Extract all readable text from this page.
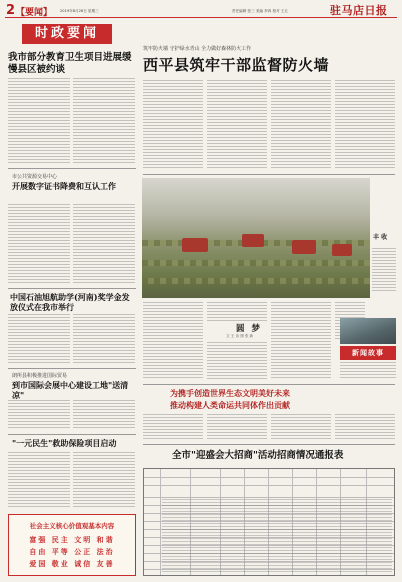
2 【要闻】 2019年8月28日 星期三	责任编辑 张三 美编 李四 校对 王五	驻马店日报
时政要闻
我市部分教育卫生项目进展缓慢县区被约谈
市公共资源交易中心
开展数字证书降费和互认工作
筑牢防火墙 守护绿水青山 全力做好森林防火工作
西平县筑牢干部监督防火墙
丰 收
中国石油旭航助学(河南)奖学金发放仪式在我市举行
朗所县积极推进国际贸易
到市国际会展中心建设工地"送清凉"
圆 梦
文 王 诗 图 张 新
新闻故事
为携手创造世界生态文明美好未来
推动构建人类命运共同体作出贡献
"一元民生"救助保险项目启动
全市"迎盛会大招商"活动招商情况通报表
社会主义核心价值观基本内容
富强 民主 文明 和谐
自由 平等 公正 法治
爱国 敬业 诚信 友善
